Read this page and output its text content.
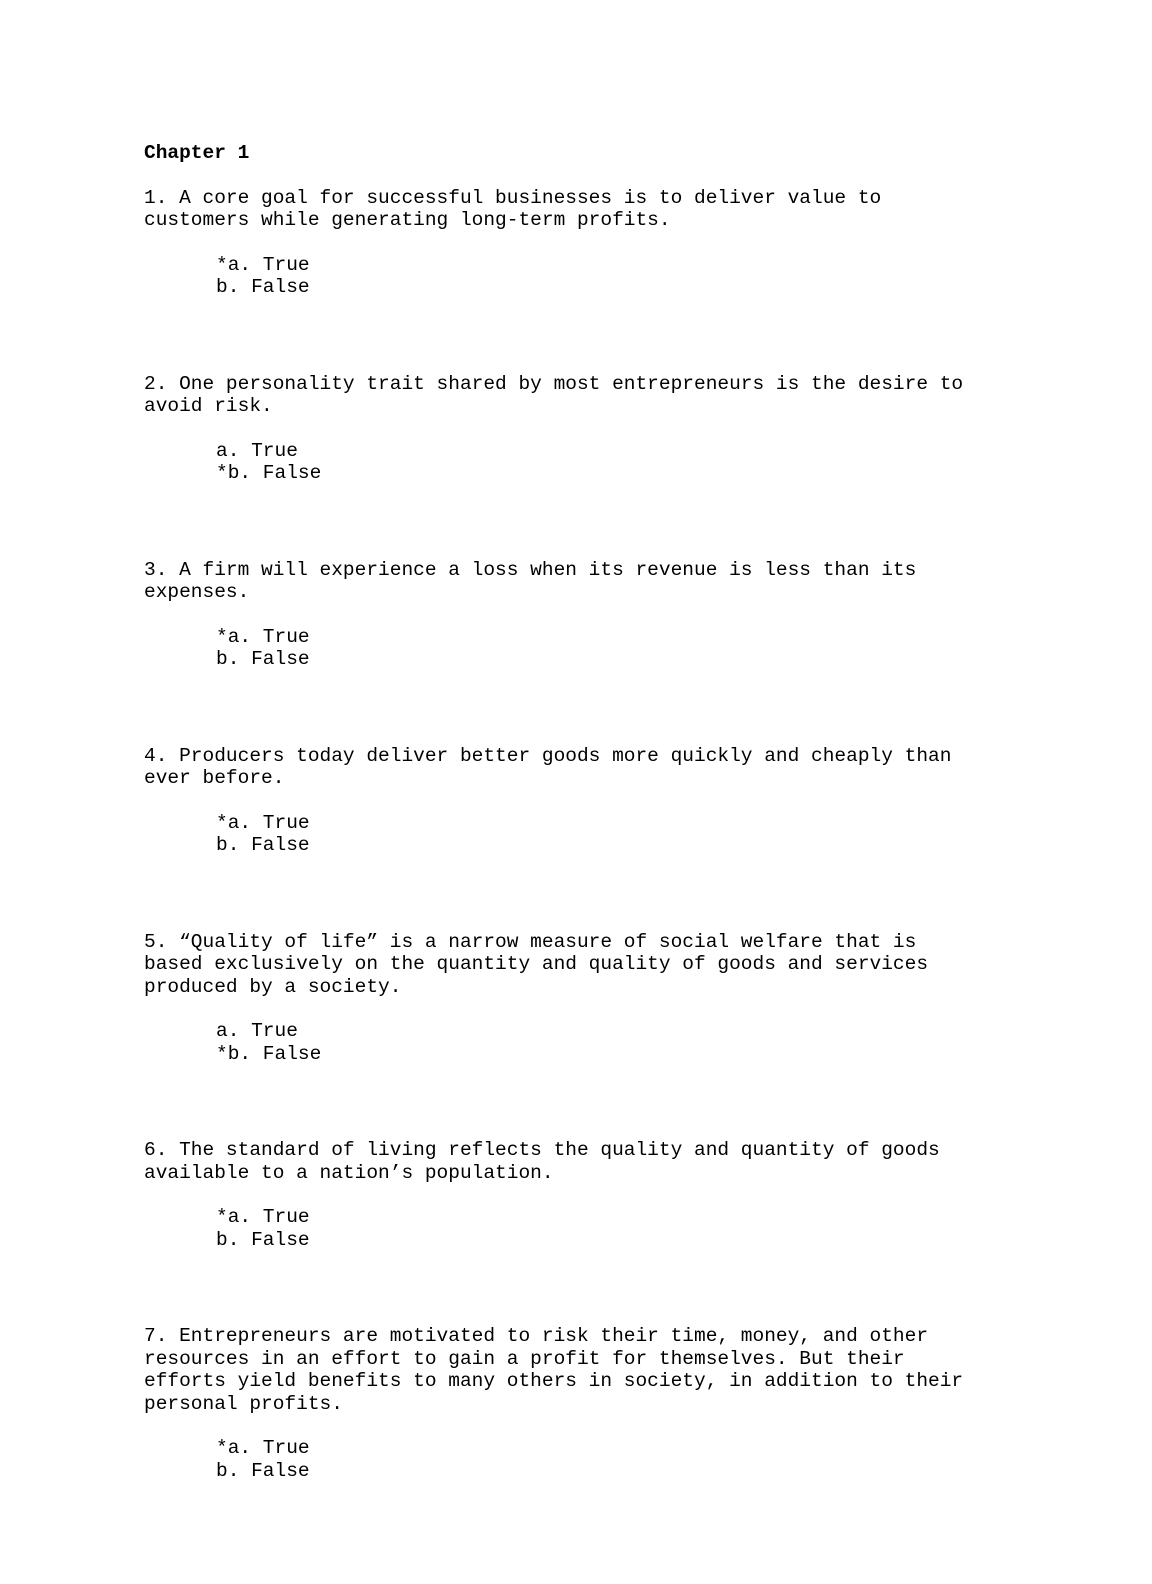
Chapter 1
1. A core goal for successful businesses is to deliver value to
customers while generating long-term profits.
*a. True
b. False
2. One personality trait shared by most entrepreneurs is the desire to
avoid risk.
a. True
*b. False
3. A firm will experience a loss when its revenue is less than its
expenses.
*a. True
b. False
4. Producers today deliver better goods more quickly and cheaply than
ever before.
*a. True
b. False
5. “Quality of life” is a narrow measure of social welfare that is
based exclusively on the quantity and quality of goods and services
produced by a society.
a. True
*b. False
6. The standard of living reflects the quality and quantity of goods
available to a nation’s population.
*a. True
b. False
7. Entrepreneurs are motivated to risk their time, money, and other
resources in an effort to gain a profit for themselves. But their
efforts yield benefits to many others in society, in addition to their
personal profits.
*a. True
b. False
